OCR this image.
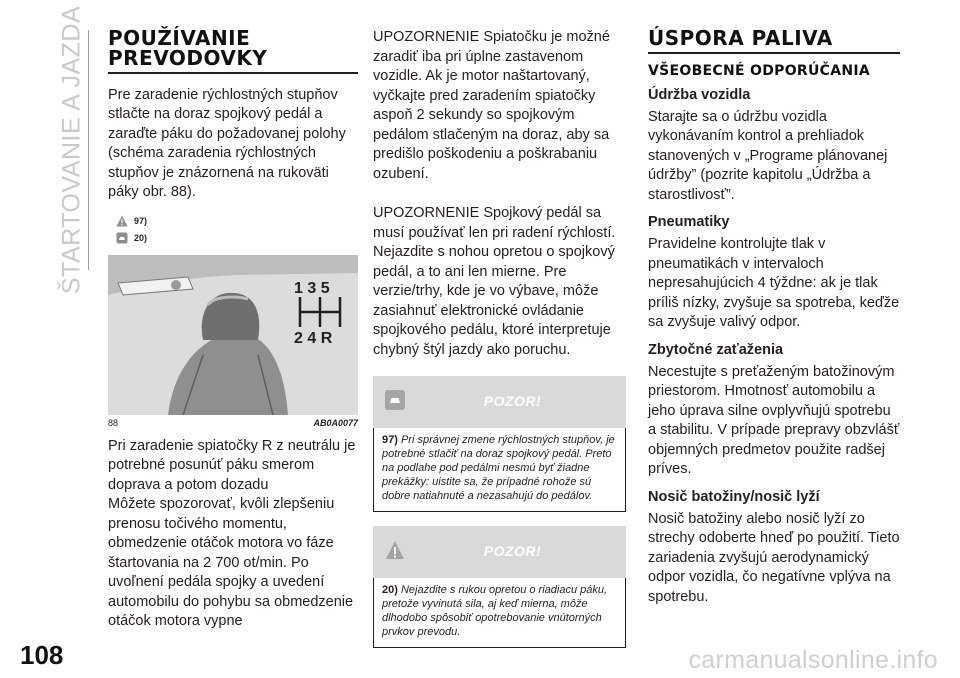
ŠTARTOVANIE A JAZDA POUŽÍVANIE PREVODOVKY

Pre zaradenie rýchlostných stupňov stlačte na doraz spojkový pedál a zaraďte páku do požadovanej polohy (schéma zaradenia rýchlostných stupňov je znázornená na rukoväti páky obr. 88).

97)
20)
1 3 5
2 4 R
88	AB0A0077

Pri zaradenie spiatočky R z neutrálu je potrebné posunúť páku smerom doprava a potom dozadu

Môžete spozorovať, kvôli zlepšeniu prenosu točivého momentu, obmedzenie otáčok motora vo fáze štartovania na 2 700 ot/min. Po uvoľnení pedála spojky a uvedení automobilu do pohybu sa obmedzenie otáčok motora vypne

UPOZORNENIE Spiatočku je možné zaradiť iba pri úplne zastavenom vozidle. Ak je motor naštartovaný, vyčkajte pred zaradením spiatočky aspoň 2 sekundy so spojkovým pedálom stlačeným na doraz, aby sa predišlo poškodeniu a poškrabaniu ozubení.

UPOZORNENIE Spojkový pedál sa musí používať len pri radení rýchlostí. Nejazdite s nohou opretou o spojkový pedál, a to ani len mierne. Pre verzie/trhy, kde je vo výbave, môže zasiahnuť elektronické ovládanie spojkového pedálu, ktoré interpretuje chybný štýl jazdy ako poruchu.

POZOR!
97) Pri správnej zmene rýchlostných stupňov, je potrebné stlačiť na doraz spojkový pedál. Preto na podlahe pod pedálmi nesmú byť žiadne prekážky: uistite sa, že prípadné rohože sú dobre natiahnuté a nezasahujú do pedálov.
POZOR!
20) Nejazdite s rukou opretou o riadiacu páku, pretože vyvinutá sila, aj keď mierna, môže dlhodobo spôsobiť opotrebovanie vnútorných prvkov prevodu.
ÚSPORA PALIVA
VŠEOBECNÉ ODPORÚČANIA
Údržba vozidla

Starajte sa o údržbu vozidla vykonávaním kontrol a prehliadok stanovených v „Programe plánovanej údržby” (pozrite kapitolu „Údržba a starostlivosť”.

Pneumatiky

Pravidelne kontrolujte tlak v pneumatikách v intervaloch nepresahujúcich 4 týždne: ak je tlak príliš nízky, zvyšuje sa spotreba, keďže sa zvyšuje valivý odpor.

Zbytočné zaťaženia

Necestujte s preťaženým batožinovým priestorom. Hmotnosť automobilu a jeho úprava silne ovplyvňujú spotrebu a stabilitu. V prípade prepravy obzvlášť objemných predmetov použite radšej príves.

Nosič batožiny/nosič lyží

Nosič batožiny alebo nosič lyží zo strechy odoberte hneď po použití. Tieto zariadenia zvyšujú aerodynamický odpor vozidla, čo negatívne vplýva na spotrebu.

108	carmanualsonline.info
